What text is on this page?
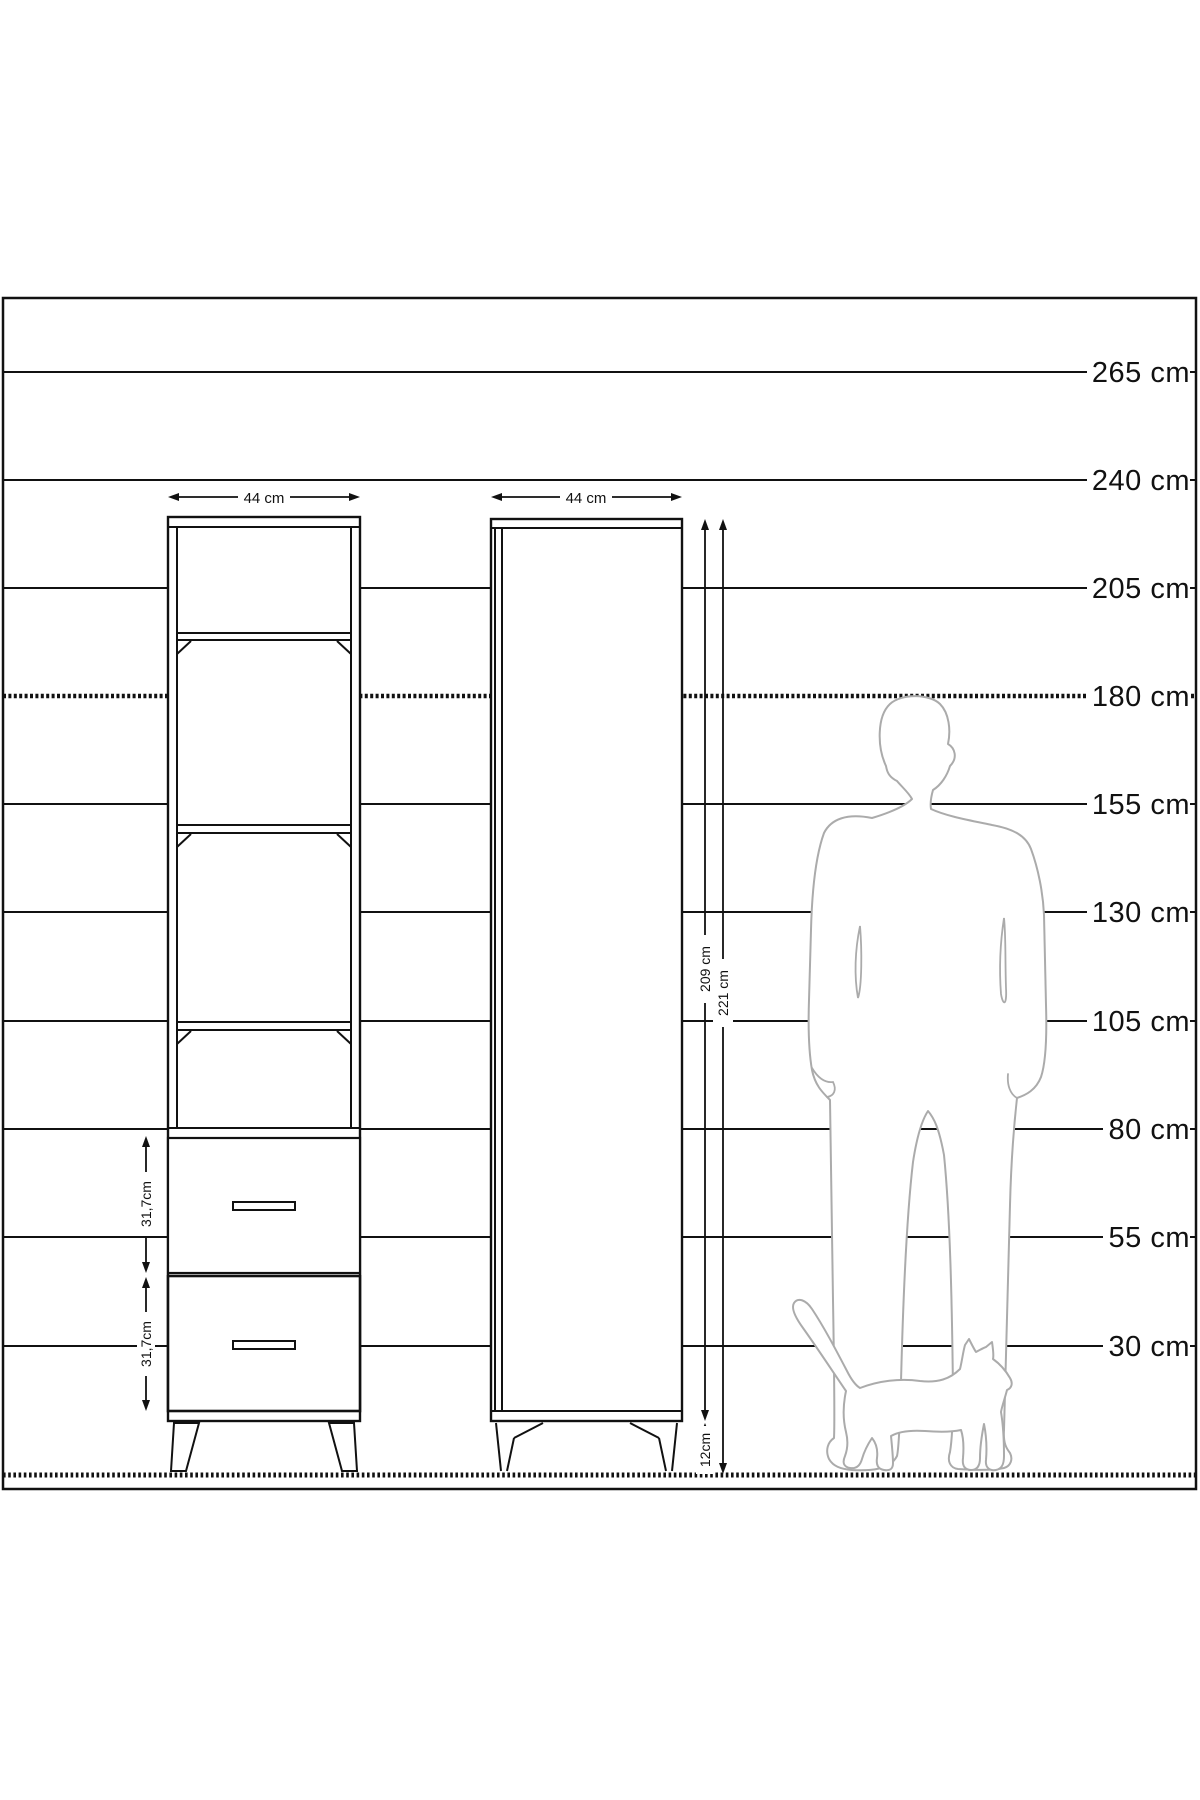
44 cm	44 cm
209 cm
221 cm
12cm
31,7cm
31,7cm
265 cm
240 cm
205 cm
180 cm
155 cm
130 cm
105 cm
80 cm
55 cm
30 cm
